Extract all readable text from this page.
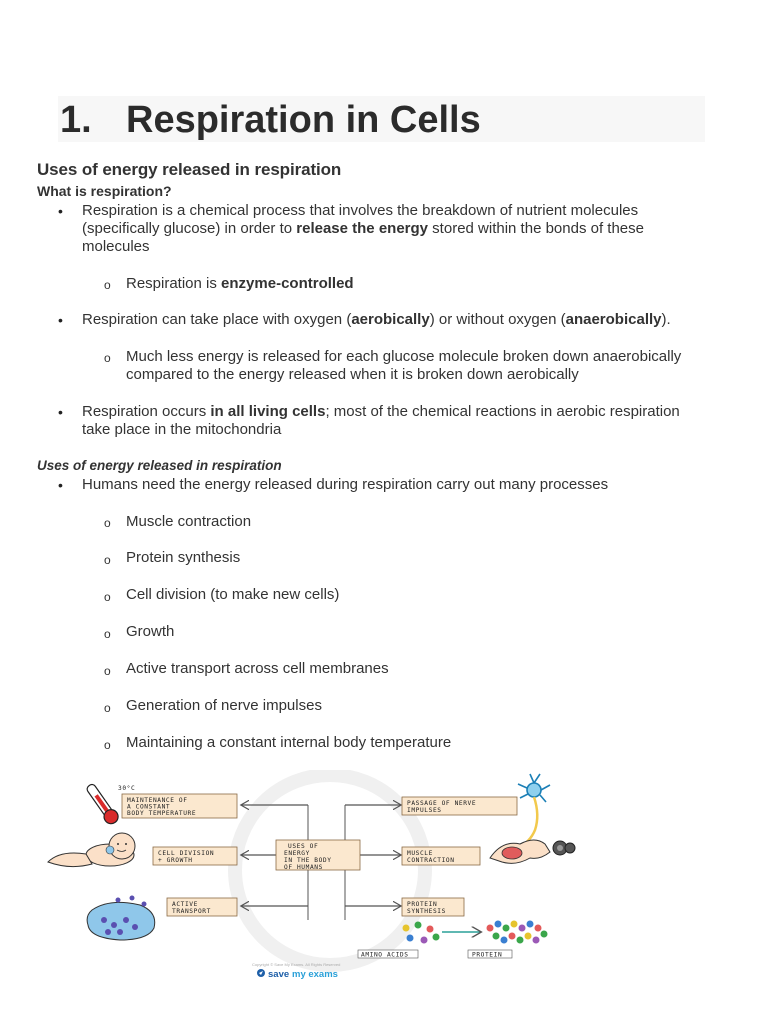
1. Respiration in Cells
Uses of energy released in respiration
What is respiration?
• Respiration is a chemical process that involves the breakdown of nutrient molecules
(specifically glucose) in order to release the energy stored within the bonds of these
molecules
o Respiration is enzyme-controlled
• Respiration can take place with oxygen (aerobically) or without oxygen (anaerobically).
o Much less energy is released for each glucose molecule broken down anaerobically
compared to the energy released when it is broken down aerobically
• Respiration occurs in all living cells; most of the chemical reactions in aerobic respiration
take place in the mitochondria
Uses of energy released in respiration
• Humans need the energy released during respiration carry out many processes
o Muscle contraction
o Protein synthesis
o Cell division (to make new cells)
o Growth
o Active transport across cell membranes
o Generation of nerve impulses
o Maintaining a constant internal body temperature
USES OF
ENERGY
IN THE BODY
OF HUMANS
MAINTENANCE OF
A CONSTANT
BODY TEMPERATURE
CELL DIVISION
+ GROWTH
ACTIVE
TRANSPORT
PASSAGE OF NERVE
IMPULSES
MUSCLE
CONTRACTION
PROTEIN
SYNTHESIS
30°C
AMINO ACIDS	PROTEIN
Copyright © Save My Exams. All Rights Reserved
save my exams
